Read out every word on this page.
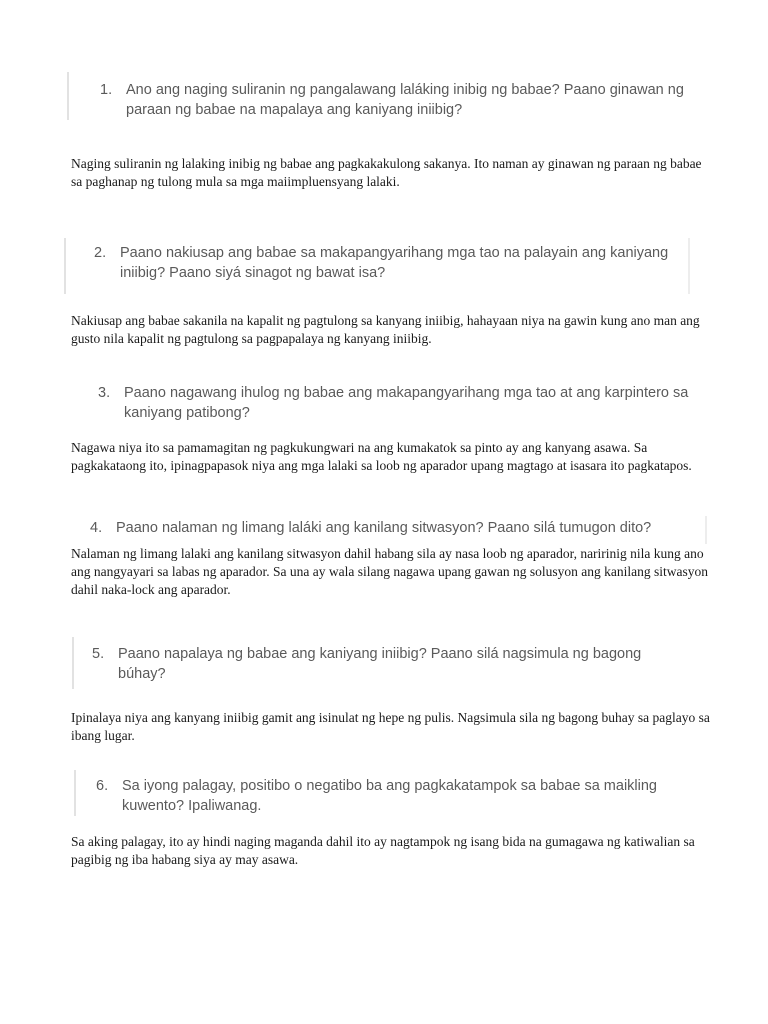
1. Ano ang naging suliranin ng pangalawang laláking inibig ng babae? Paano ginawan ng paraan ng babae na mapalaya ang kaniyang iniibig?
Naging suliranin ng lalaking inibig ng babae ang pagkakakulong sakanya. Ito naman ay ginawan ng paraan ng babae sa paghanap ng tulong mula sa mga maiimpluensyang lalaki.
2. Paano nakiusap ang babae sa makapangyarihang mga tao na palayain ang kaniyang iniibig? Paano siyá sinagot ng bawat isa?
Nakiusap ang babae sakanila na kapalit ng pagtulong sa kanyang iniibig, hahayaan niya na gawin kung ano man ang gusto nila kapalit ng pagtulong sa pagpapalaya ng kanyang iniibig.
3. Paano nagawang ihulog ng babae ang makapangyarihang mga tao at ang karpintero sa kaniyang patibong?
Nagawa niya ito sa pamamagitan ng pagkukungwari na ang kumakatok sa pinto ay ang kanyang asawa. Sa pagkakataong ito, ipinagpapasok niya ang mga lalaki sa loob ng aparador upang magtago at isasara ito pagkatapos.
4. Paano nalaman ng limang laláki ang kanilang sitwasyon? Paano silá tumugon dito?
Nalaman ng limang lalaki ang kanilang sitwasyon dahil habang sila ay nasa loob ng aparador, naririnig nila kung ano ang nangyayari sa labas ng aparador. Sa una ay wala silang nagawa upang gawan ng solusyon ang kanilang sitwasyon dahil naka-lock ang aparador.
5. Paano napalaya ng babae ang kaniyang iniibig? Paano silá nagsimula ng bagong búhay?
Ipinalaya niya ang kanyang iniibig gamit ang isinulat ng hepe ng pulis. Nagsimula sila ng bagong buhay sa paglayo sa ibang lugar.
6. Sa iyong palagay, positibo o negatibo ba ang pagkakatampok sa babae sa maikling kuwento? Ipaliwanag.
Sa aking palagay, ito ay hindi naging maganda dahil ito ay nagtampok ng isang bida na gumagawa ng katiwalian sa pagibig ng iba habang siya ay may asawa.
